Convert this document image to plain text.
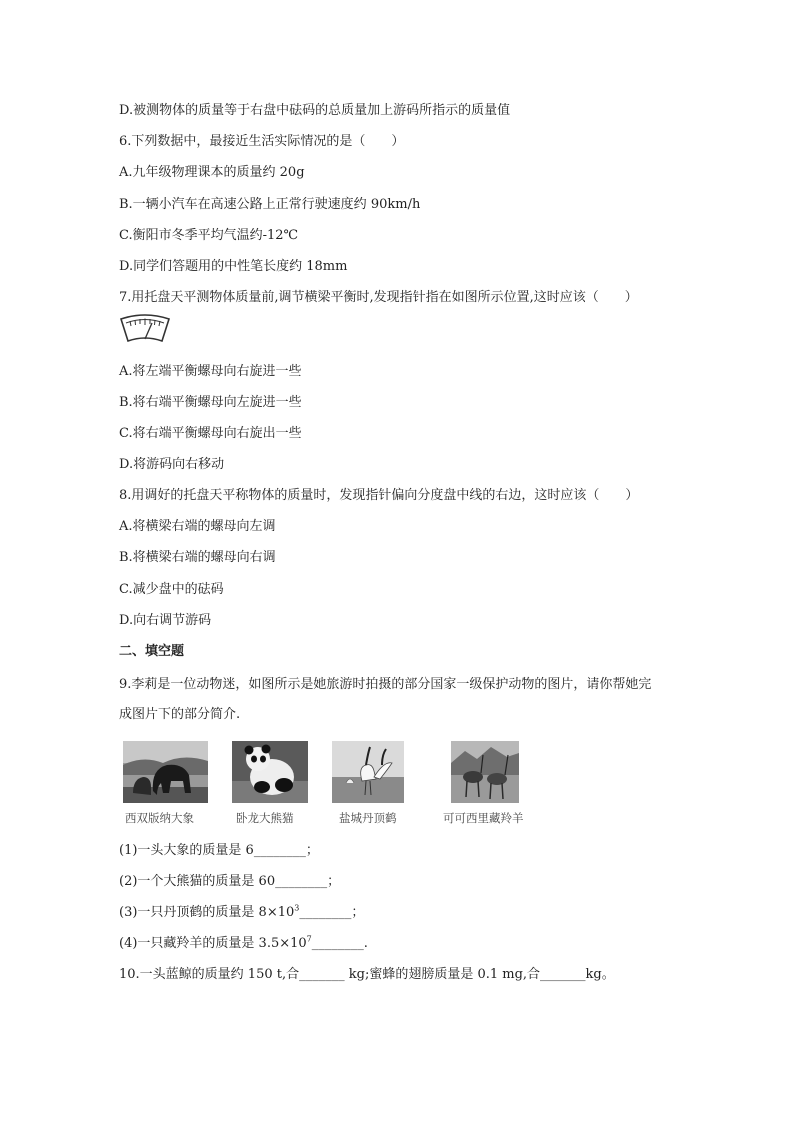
D.被测物体的质量等于右盘中砝码的总质量加上游码所指示的质量值
6.下列数据中，最接近生活实际情况的是（　　）
A.九年级物理课本的质量约 20g
B.一辆小汽车在高速公路上正常行驶速度约 90km/h
C.衡阳市冬季平均气温约-12℃
D.同学们答题用的中性笔长度约 18mm
7.用托盘天平测物体质量前,调节横梁平衡时,发现指针指在如图所示位置,这时应该（　　）
A.将左端平衡螺母向右旋进一些
B.将右端平衡螺母向左旋进一些
C.将右端平衡螺母向右旋出一些
D.将游码向右移动
8.用调好的托盘天平称物体的质量时，发现指针偏向分度盘中线的右边，这时应该（　　）
A.将横梁右端的螺母向左调
B.将横梁右端的螺母向右调
C.减少盘中的砝码
D.向右调节游码
二、填空题
9.李莉是一位动物迷，如图所示是她旅游时拍摄的部分国家一级保护动物的图片，请你帮她完
成图片下的部分简介.
西双版纳大象	卧龙大熊猫	盐城丹顶鹤	可可西里藏羚羊
(1)一头大象的质量是 6________；
(2)一个大熊猫的质量是 60________；
(3)一只丹顶鹤的质量是 $8\times 10^3\_\_\_\_\_\_\_\_$；
(4)一只藏羚羊的质量是 $3.5\times 10^7\_\_\_\_\_\_\_\_$.
10.一头蓝鲸的质量约 150 t,合_______ kg;蜜蜂的翅膀质量是 0.1 mg,合_______kg。
